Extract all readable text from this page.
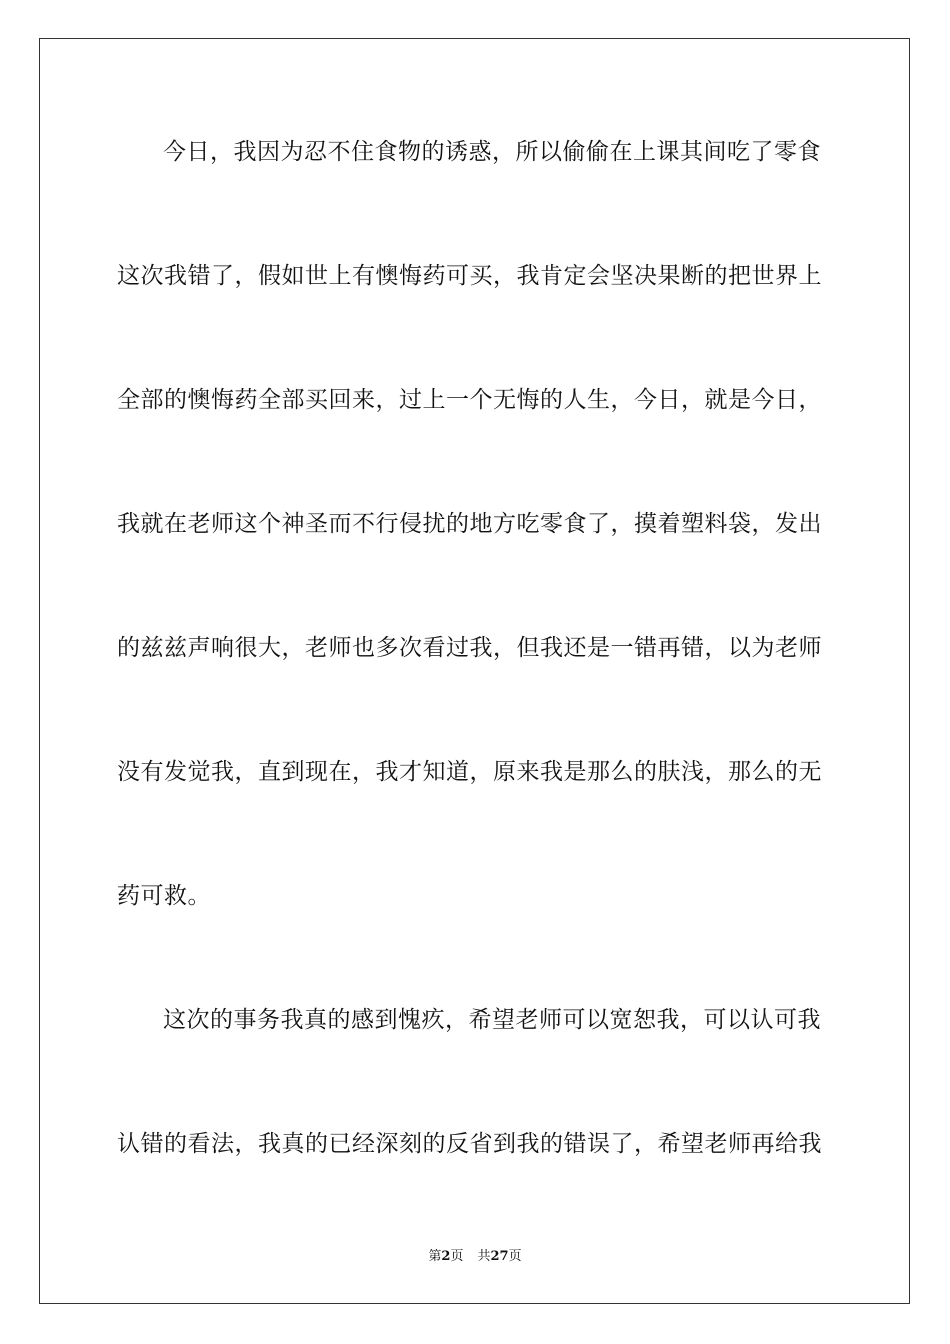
今日，我因为忍不住食物的诱惑，所以偷偷在上课其间吃了零食
这次我错了，假如世上有懊悔药可买，我肯定会坚决果断的把世界上
全部的懊悔药全部买回来，过上一个无悔的人生，今日，就是今日，
我就在老师这个神圣而不行侵扰的地方吃零食了，摸着塑料袋，发出
的兹兹声响很大，老师也多次看过我，但我还是一错再错，以为老师
没有发觉我，直到现在，我才知道，原来我是那么的肤浅，那么的无
药可救。
这次的事务我真的感到愧疚，希望老师可以宽恕我，可以认可我
认错的看法，我真的已经深刻的反省到我的错误了，希望老师再给我
第2页 共27页
